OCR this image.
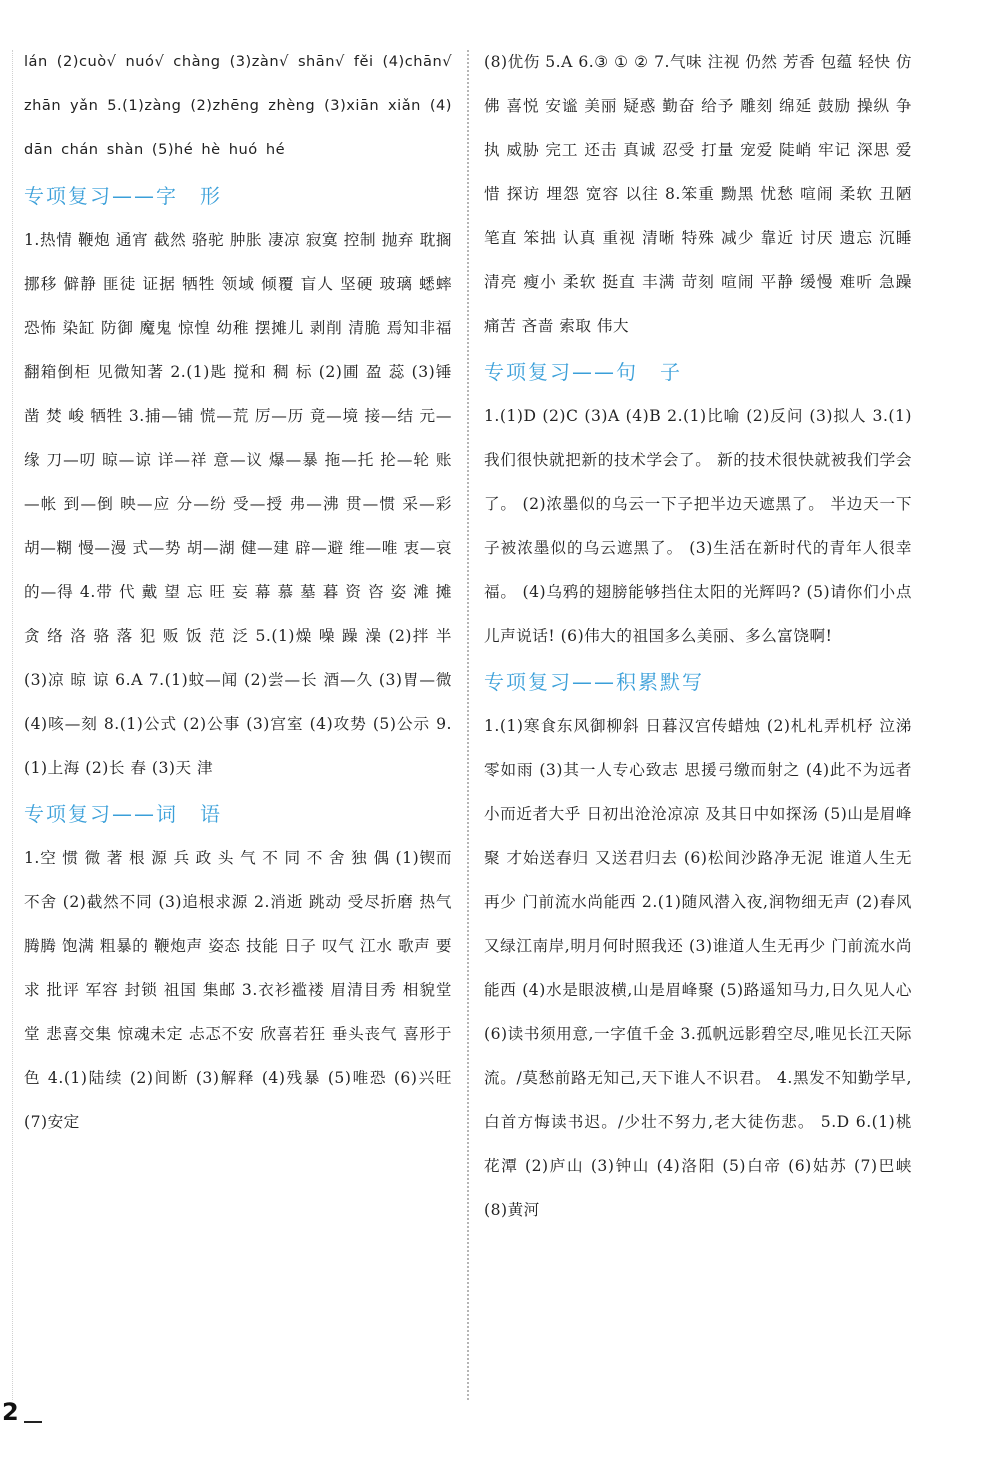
lán (2)cuò√ nuó√ chàng (3)zàn√ shān√ fěi (4)chān√ zhān yǎn 5.(1)zàng (2)zhēng zhèng (3)xiān xiǎn (4)dān chán shàn (5)hé hè huó hé

专项复习——字　形

1.热情 鞭炮 通宵 截然 骆驼 肿胀 凄凉 寂寞 控制 抛弃 耽搁 挪移 僻静 匪徒 证据 牺牲 领域 倾覆 盲人 坚硬 玻璃 蟋蟀 恐怖 染缸 防御 魔鬼 惊惶 幼稚 摆摊儿 剥削 清脆 焉知非福 翻箱倒柜 见微知著 2.(1)匙 搅和 稠 标 (2)圃 盈 蕊 (3)锤 凿 焚 峻 牺牲 3.捕—铺 慌—荒 厉—历 竟—境 接—结 元—缘 刀—叨 晾—谅 详—祥 意—议 爆—暴 拖—托 抡—轮 账—帐 到—倒 映—应 分—纷 受—授 弗—沸 贯—惯 采—彩 胡—糊 慢—漫 式—势 胡—湖 健—建 辟—避 维—唯 衷—哀 的—得 4.带 代 戴 望 忘 旺 妄 幕 慕 墓 暮 资 咨 姿 滩 摊 贪 络 洛 骆 落 犯 贩 饭 范 泛 5.(1)燥 噪 躁 澡 (2)拌 半 (3)凉 晾 谅 6.A 7.(1)蚊—闻 (2)尝—长 酒—久 (3)胃—微 (4)咳—刻 8.(1)公式 (2)公事 (3)宫室 (4)攻势 (5)公示 9.(1)上海 (2)长 春 (3)天 津

专项复习——词　语

1.空 惯 微 著 根 源 兵 政 头 气 不 同 不 舍 独 偶 (1)锲而不舍 (2)截然不同 (3)追根求源 2.消逝 跳动 受尽折磨 热气腾腾 饱满 粗暴的 鞭炮声 姿态 技能 日子 叹气 江水 歌声 要求 批评 军容 封锁 祖国 集邮 3.衣衫褴褛 眉清目秀 相貌堂堂 悲喜交集 惊魂未定 忐忑不安 欣喜若狂 垂头丧气 喜形于色 4.(1)陆续 (2)间断 (3)解释 (4)残暴 (5)唯恐 (6)兴旺 (7)安定

(8)优伤 5.A 6.③ ① ② 7.气味 注视 仍然 芳香 包蕴 轻快 仿佛 喜悦 安谧 美丽 疑惑 勤奋 给予 雕刻 绵延 鼓励 操纵 争执 威胁 完工 还击 真诚 忍受 打量 宠爱 陡峭 牢记 深思 爱惜 探访 埋怨 宽容 以往 8.笨重 黝黑 忧愁 喧闹 柔软 丑陋 笔直 笨拙 认真 重视 清晰 特殊 减少 靠近 讨厌 遗忘 沉睡 清亮 瘦小 柔软 挺直 丰满 苛刻 喧闹 平静 缓慢 难听 急躁 痛苦 吝啬 索取 伟大

专项复习——句　子

1.(1)D (2)C (3)A (4)B 2.(1)比喻 (2)反问 (3)拟人 3.(1)我们很快就把新的技术学会了。 新的技术很快就被我们学会了。 (2)浓墨似的乌云一下子把半边天遮黑了。 半边天一下子被浓墨似的乌云遮黑了。 (3)生活在新时代的青年人很幸福。 (4)乌鸦的翅膀能够挡住太阳的光辉吗? (5)请你们小点儿声说话! (6)伟大的祖国多么美丽、多么富饶啊!

专项复习——积累默写

1.(1)寒食东风御柳斜 日暮汉宫传蜡烛 (2)札札弄机杼 泣涕零如雨 (3)其一人专心致志 思援弓缴而射之 (4)此不为远者小而近者大乎 日初出沧沧凉凉 及其日中如探汤 (5)山是眉峰聚 才始送春归 又送君归去 (6)松间沙路净无泥 谁道人生无再少 门前流水尚能西 2.(1)随风潜入夜,润物细无声 (2)春风又绿江南岸,明月何时照我还 (3)谁道人生无再少 门前流水尚能西 (4)水是眼波横,山是眉峰聚 (5)路遥知马力,日久见人心 (6)读书须用意,一字值千金 3.孤帆远影碧空尽,唯见长江天际流。/莫愁前路无知己,天下谁人不识君。 4.黑发不知勤学早,白首方悔读书迟。/少壮不努力,老大徒伤悲。 5.D 6.(1)桃花潭 (2)庐山 (3)钟山 (4)洛阳 (5)白帝 (6)姑苏 (7)巴峡 (8)黄河

2
